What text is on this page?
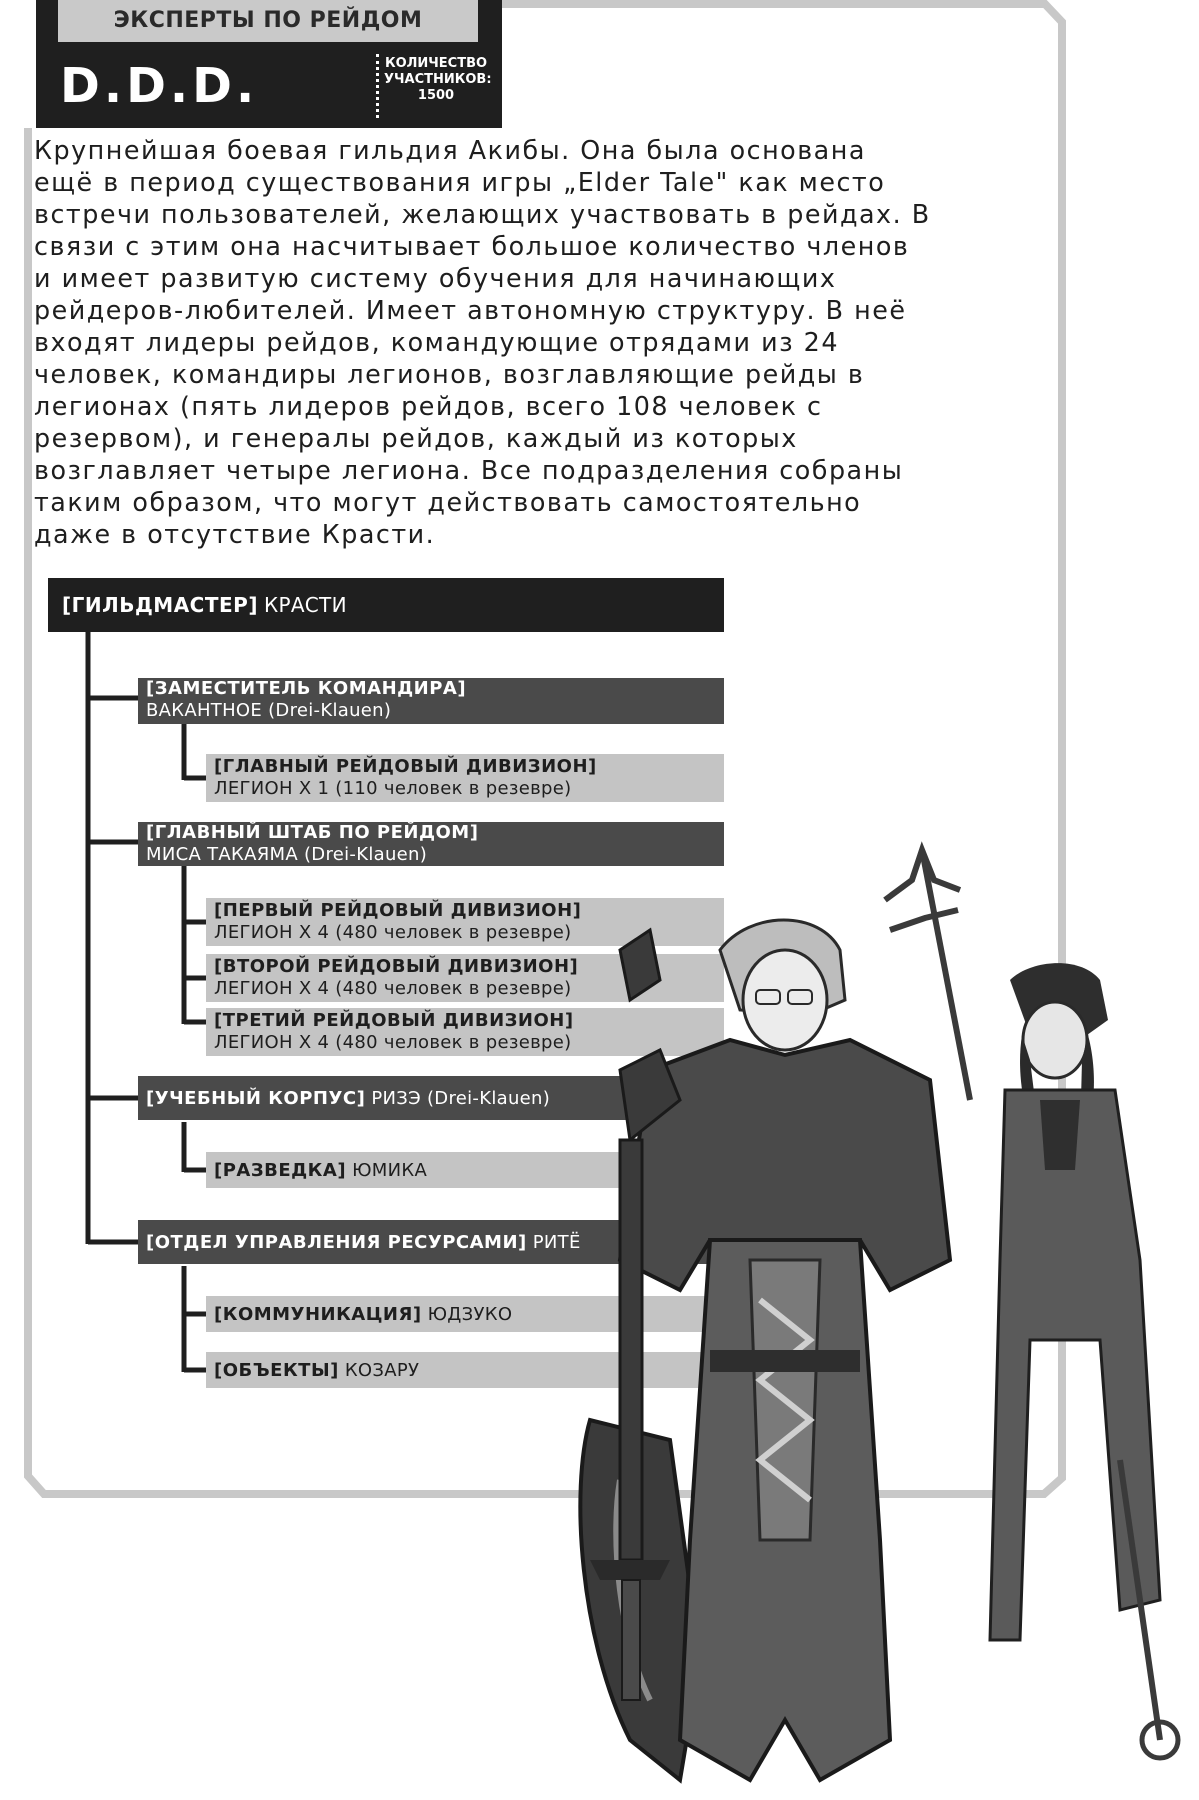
ЭКСПЕРТЫ ПО РЕЙДОМ
D.D.D.	КОЛИЧЕСТВО
УЧАСТНИКОВ:
1500

Крупнейшая боевая гильдия Акибы. Она была основана ещё в период существования игры „Elder Tale" как место встречи пользователей, желающих участвовать в рейдах. В связи с этим она насчитывает большое количество членов и имеет развитую систему обучения для начинающих рейдеров-любителей. Имеет автономную структуру. В неё входят лидеры рейдов, командующие отрядами из 24 человек, командиры легионов, возглавляющие рейды в легионах (пять лидеров рейдов, всего 108 человек с резервом), и генералы рейдов, каждый из которых возглавляет четыре легиона. Все подразделения собраны таким образом, что могут действовать самостоятельно даже в отсутствие Красти.

[ГИЛЬДМАСТЕР] КРАСТИ
[ЗАМЕСТИТЕЛЬ КОМАНДИРА]
ВАКАНТНОЕ (Drei-Klauen)
[ГЛАВНЫЙ РЕЙДОВЫЙ ДИВИЗИОН]
ЛЕГИОН X 1 (110 человек в резевре)
[ГЛАВНЫЙ ШТАБ ПО РЕЙДОМ]
МИСА ТАКАЯМА (Drei-Klauen)
[ПЕРВЫЙ РЕЙДОВЫЙ ДИВИЗИОН]
ЛЕГИОН X 4 (480 человек в резевре)
[ВТОРОЙ РЕЙДОВЫЙ ДИВИЗИОН]
ЛЕГИОН X 4 (480 человек в резевре)
[ТРЕТИЙ РЕЙДОВЫЙ ДИВИЗИОН]
ЛЕГИОН X 4 (480 человек в резевре)
[УЧЕБНЫЙ КОРПУС] РИЗЭ (Drei-Klauen)
[РАЗВЕДКА] ЮМИКА
[ОТДЕЛ УПРАВЛЕНИЯ РЕСУРСАМИ] РИТЁ
[КОММУНИКАЦИЯ] ЮДЗУКО
[ОБЪЕКТЫ] КОЗАРУ
